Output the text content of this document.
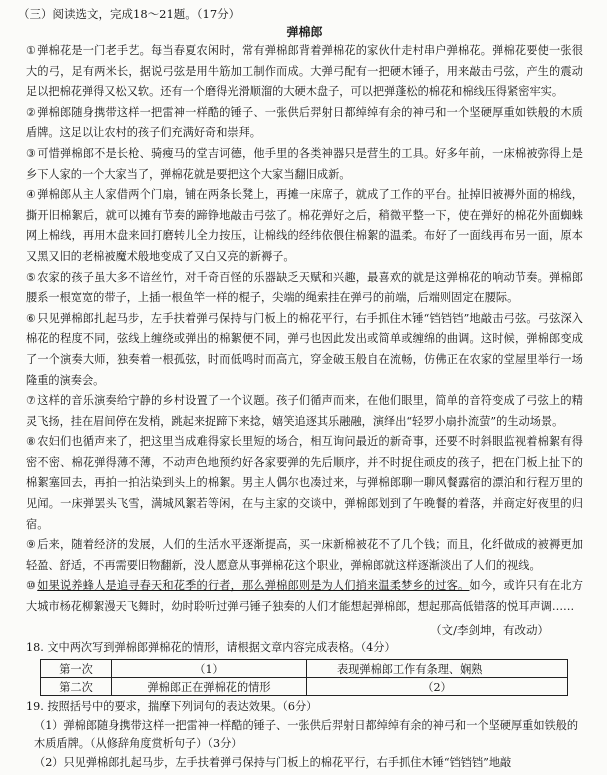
（三）阅读选文，完成18～21题。（17分）
弹棉郎

①弹棉花是一门老手艺。每当春夏农闲时，常有弹棉郎背着弹棉花的家伙什走村串户弹棉花。弹棉花要使一张很大的弓，足有两米长，据说弓弦是用牛筋加工制作而成。大弹弓配有一把硬木锤子，用来敲击弓弦，产生的震动足以把棉花弹得又松又软。还有一个磨得光滑顺溜的大硬木盘子，可以把弹蓬松的棉花和棉线压得紧密牢实。

②弹棉郎随身携带这样一把雷神一样酷的锤子、一张供后羿射日都绰绰有余的神弓和一个坚硬厚重如铁般的木质盾牌。这足以让农村的孩子们充满好奇和崇拜。

③可惜弹棉郎不是长枪、骑瘦马的堂吉诃德，他手里的各类神器只是营生的工具。好多年前，一床棉被弥得上是乡下人家的一个大家当了，弹棉花就是要把这个大家当翻旧成新。

④弹棉郎从主人家借两个门扇，铺在两条长凳上，再摊一床席子，就成了工作的平台。扯掉旧被褥外面的棉线，撕开旧棉絮后，就可以摊有节奏的蹄铮地敲击弓弦了。棉花弹好之后，稍微平整一下，使在弹好的棉花外面蜘蛛网上棉线，再用木盘来回打磨转儿全力按压，让棉线的经纬依偎住棉絮的温柔。布好了一面线再布另一面，原本又黑又旧的老棉被魔术般地变成了又白又亮的新褥子。

⑤农家的孩子虽大多不谙丝竹，对千奇百怪的乐器缺乏天赋和兴趣，最喜欢的就是这弹棉花的响动节奏。弹棉郎腰系一根宽宽的带子，上插一根鱼竿一样的棍子，尖端的绳索挂在弹弓的前端，后端则固定在腰际。

⑥只见弹棉郎扎起马步，左手扶着弹弓保持与门板上的棉花平行，右手抓住木锤“铛铛铛”地敲击弓弦。弓弦深入棉花的程度不同，弦线上缠绕或弹出的棉絮便不同，弹弓也因此发出或简单或缠绵的曲调。这时候，弹棉郎变成了一个演奏大师，独奏着一根孤弦，时而低鸣时而高亢，穿金破玉般自在流畅，仿佛正在农家的堂屋里举行一场隆重的演奏会。

⑦这样的音乐演奏给宁静的乡村设置了一个议题。孩子们循声而来，在他们眼里，简单的音符变成了弓弦上的精灵飞扬，挂在眉间停在发梢，跳起来捉蹄下来捻，嬉笑追逐其乐融融，演绎出“轻罗小扇扑流萤”的生动场景。

⑧农妇们也循声来了，把这里当成难得家长里短的场合，相互询问最近的新奇事，还要不时斜眼监视着棉絮有得密不密、棉花弹得薄不薄，不动声色地预约好各家要弹的先后顺序，并不时捉住顽皮的孩子，把在门板上扯下的棉絮塞回去，再拍一拍沾染到头上的棉絮。男主人偶尔也凑过来，与弹棉郎聊一聊风餐露宿的漂泊和行程万里的见闻。一床弹罢头飞雪，满城风絮若等闲，在与主家的交谈中，弹棉郎划到了午晚餐的着落，并商定好夜里的归宿。

⑨后来，随着经济的发展，人们的生活水平逐渐提高，买一床新棉被花不了几个钱；而且，化纤做成的被褥更加轻盈、舒适，不再需要旧物翻新，没人愿意从事弹棉花这个职业，弹棉郎就这样逐渐淡出了人们的视线。

⑩如果说养蜂人是追寻春天和花季的行者，那么弹棉郎则是为人们捎来温柔梦乡的过客。如今，或许只有在北方大城市杨花柳絮漫天飞舞时，幼时聆听过弹弓锤子独奏的人们才能想起弹棉郎，想起那高低错落的悦耳声调……

（文/李剑坤，有改动）

18. 文中两次写到弹棉郎弹棉花的情形，请根据文章内容完成表格。（4分）

第一次	（1）	表现弹棉郎工作有条理、娴熟
第二次	弹棉郎正在弹棉花的情形	（2）

19. 按照括号中的要求，揣摩下列词句的表达效果。（6分）

（1）弹棉郎随身携带这样一把雷神一样酷的锤子、一张供后羿射日都绰绰有余的神弓和一个坚硬厚重如铁般的木质盾牌。（从修辞角度赏析句子）（3分）

（2）只见弹棉郎扎起马步，左手扶着弹弓保持与门板上的棉花平行，右手抓住木锤“铛铛铛”地敲
